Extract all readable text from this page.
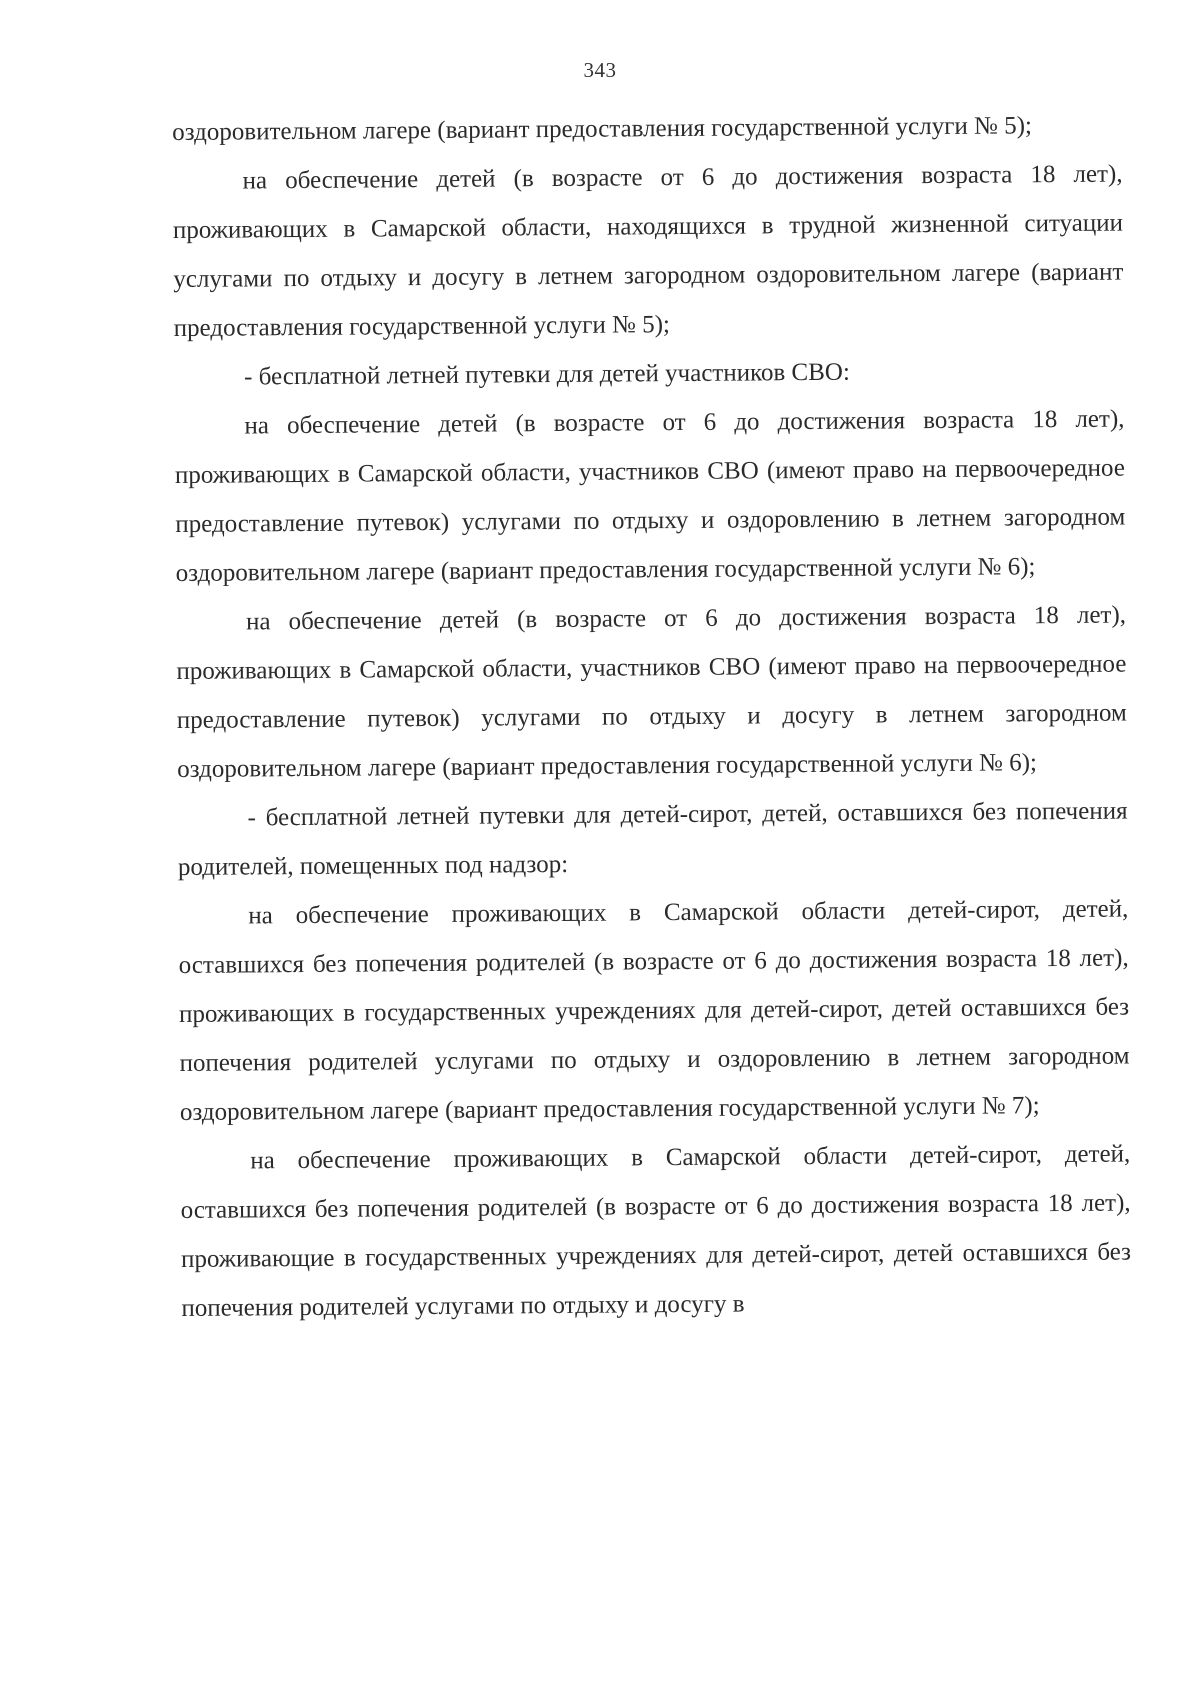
343

оздоровительном лагере (вариант предоставления государственной услуги № 5);

на обеспечение детей (в возрасте от 6 до достижения возраста 18 лет), проживающих в Самарской области, находящихся в трудной жизненной ситуации услугами по отдыху и досугу в летнем загородном оздоровительном лагере (вариант предоставления государственной услуги № 5);

- бесплатной летней путевки для детей участников СВО:

на обеспечение детей (в возрасте от 6 до достижения возраста 18 лет), проживающих в Самарской области, участников СВО (имеют право на первоочередное предоставление путевок) услугами по отдыху и оздоровлению в летнем загородном оздоровительном лагере (вариант предоставления государственной услуги № 6);

на обеспечение детей (в возрасте от 6 до достижения возраста 18 лет), проживающих в Самарской области, участников СВО (имеют право на первоочередное предоставление путевок) услугами по отдыху и досугу в летнем загородном оздоровительном лагере (вариант предоставления государственной услуги № 6);

- бесплатной летней путевки для детей-сирот, детей, оставшихся без попечения родителей, помещенных под надзор:

на обеспечение проживающих в Самарской области детей-сирот, детей, оставшихся без попечения родителей (в возрасте от 6 до достижения возраста 18 лет), проживающих в государственных учреждениях для детей-сирот, детей оставшихся без попечения родителей услугами по отдыху и оздоровлению в летнем загородном оздоровительном лагере (вариант предоставления государственной услуги № 7);

на обеспечение проживающих в Самарской области детей-сирот, детей, оставшихся без попечения родителей (в возрасте от 6 до достижения возраста 18 лет), проживающие в государственных учреждениях для детей-сирот, детей оставшихся без попечения родителей услугами по отдыху и досугу в
